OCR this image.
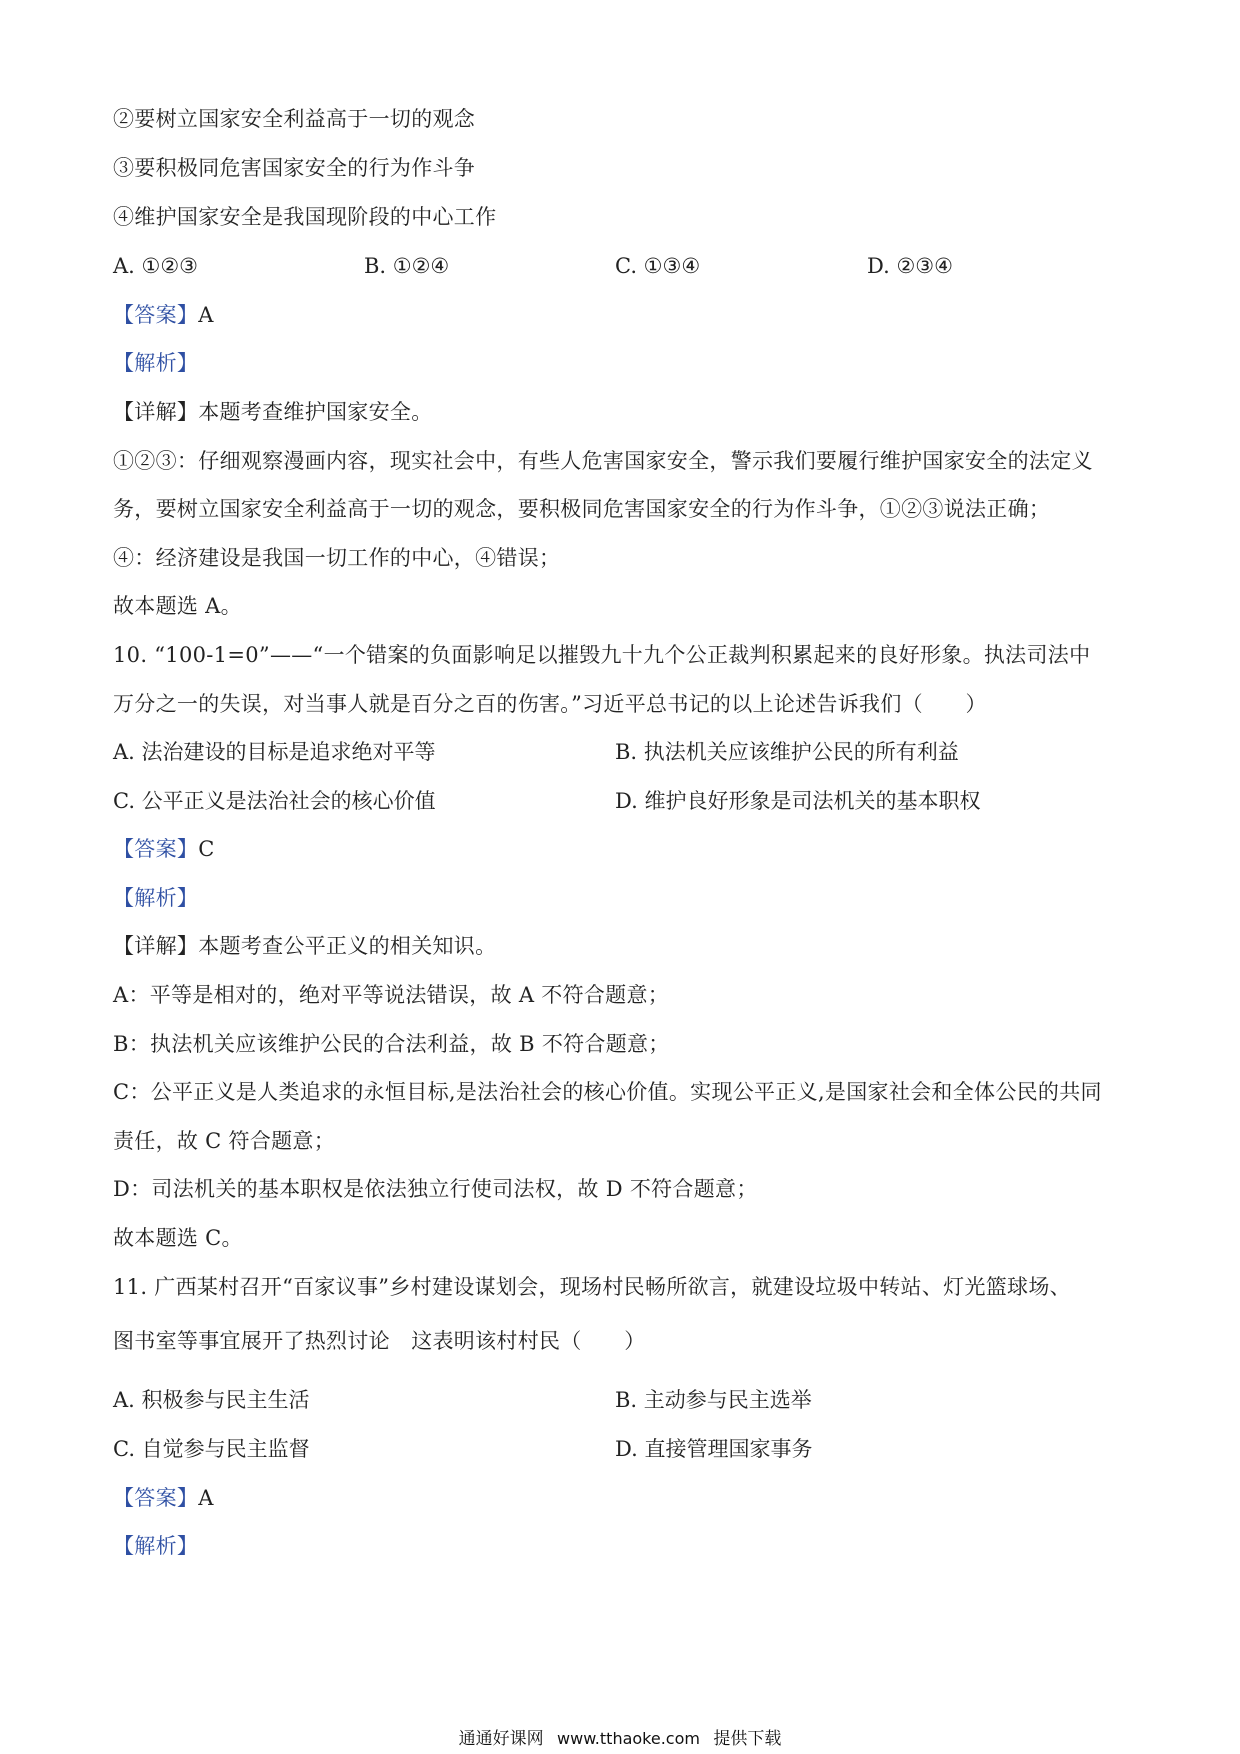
②要树立国家安全利益高于一切的观念
③要积极同危害国家安全的行为作斗争
④维护国家安全是我国现阶段的中心工作
A. ①②③	B. ①②④	C. ①③④	D. ②③④
【答案】A
【解析】
【详解】本题考查维护国家安全。
①②③：仔细观察漫画内容，现实社会中，有些人危害国家安全，警示我们要履行维护国家安全的法定义
务，要树立国家安全利益高于一切的观念，要积极同危害国家安全的行为作斗争，①②③说法正确；
④：经济建设是我国一切工作的中心，④错误；
故本题选 A。
10. “100-1=0”——“一个错案的负面影响足以摧毁九十九个公正裁判积累起来的良好形象。执法司法中
万分之一的失误，对当事人就是百分之百的伤害。”习近平总书记的以上论述告诉我们（　　）
A. 法治建设的目标是追求绝对平等	B. 执法机关应该维护公民的所有利益
C. 公平正义是法治社会的核心价值	D. 维护良好形象是司法机关的基本职权
【答案】C
【解析】
【详解】本题考查公平正义的相关知识。
A：平等是相对的，绝对平等说法错误，故 A 不符合题意；
B：执法机关应该维护公民的合法利益，故 B 不符合题意；
C：公平正义是人类追求的永恒目标,是法治社会的核心价值。实现公平正义,是国家社会和全体公民的共同
责任，故 C 符合题意；
D：司法机关的基本职权是依法独立行使司法权，故 D 不符合题意；
故本题选 C。
11. 广西某村召开“百家议事”乡村建设谋划会，现场村民畅所欲言，就建设垃圾中转站、灯光篮球场、
图书室等事宜展开了热烈讨论　这表明该村村民（　　）
A. 积极参与民主生活	B. 主动参与民主选举
C. 自觉参与民主监督	D. 直接管理国家事务
【答案】A
【解析】
通通好课网 www.tthaoke.com 提供下载
